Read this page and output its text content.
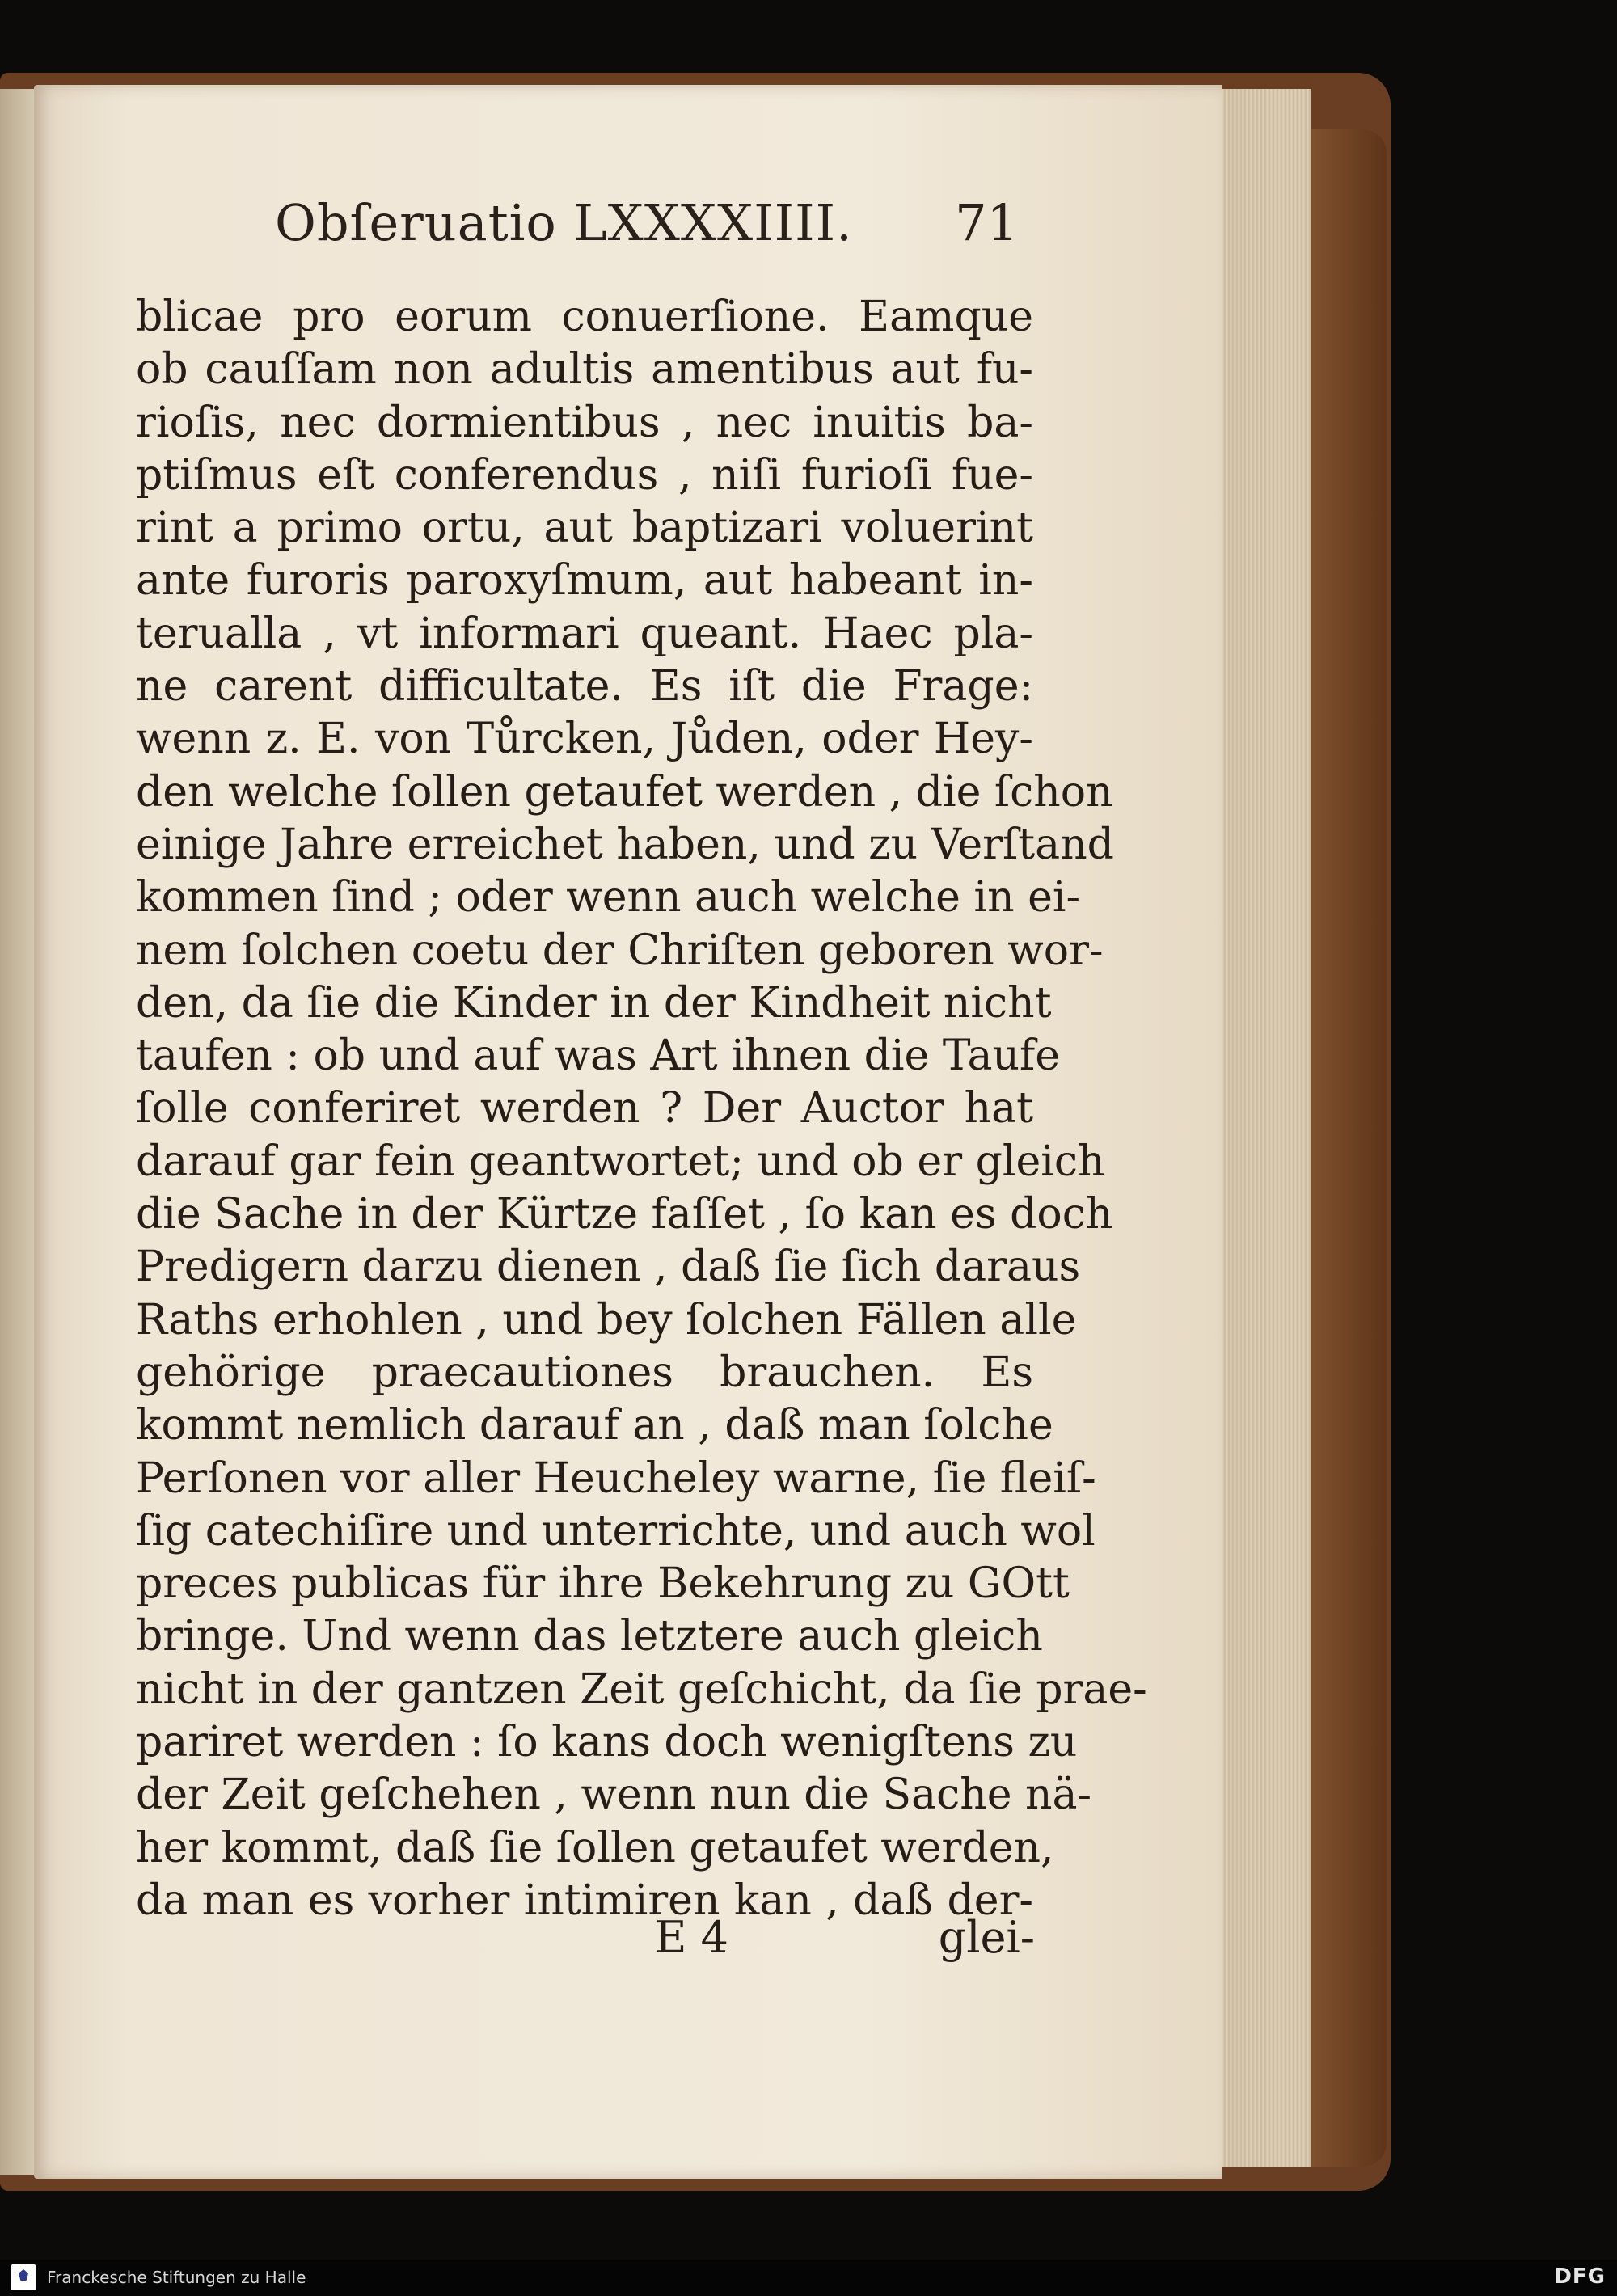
Obſeruatio LXXXXIIII. 71
blicae pro eorum conuerſione. Eamque
ob cauſſam non adultis amentibus aut fu-
rioſis, nec dormientibus , nec inuitis ba-
ptiſmus eſt conferendus , niſi furioſi fue-
rint a primo ortu, aut baptizari voluerint
ante furoris paroxyſmum, aut habeant in-
terualla , vt informari queant. Haec pla-
ne carent difficultate. Es iſt die Frage:
wenn z. E. von Tůrcken, Jůden, oder Hey-
den welche ſollen getaufet werden , die ſchon
einige Jahre erreichet haben, und zu Verſtand
kommen ſind ; oder wenn auch welche in ei-
nem ſolchen coetu der Chriſten geboren wor-
den, da ſie die Kinder in der Kindheit nicht
taufen : ob und auf was Art ihnen die Taufe
ſolle conferiret werden ? Der Auctor hat
darauf gar fein geantwortet; und ob er gleich
die Sache in der Kürtze faſſet , ſo kan es doch
Predigern darzu dienen , daß ſie ſich daraus
Raths erhohlen , und bey ſolchen Fällen alle
gehörige praecautiones brauchen. Es
kommt nemlich darauf an , daß man ſolche
Perſonen vor aller Heucheley warne, ſie fleiſ-
ſig catechiſire und unterrichte, und auch wol
preces publicas für ihre Bekehrung zu GOtt
bringe. Und wenn das letztere auch gleich
nicht in der gantzen Zeit geſchicht, da ſie prae-
pariret werden : ſo kans doch wenigſtens zu
der Zeit geſchehen , wenn nun die Sache nä-
her kommt, daß ſie ſollen getaufet werden,
da man es vorher intimiren kan , daß der-
E 4	glei-
Franckesche Stiftungen zu Halle	DFG
